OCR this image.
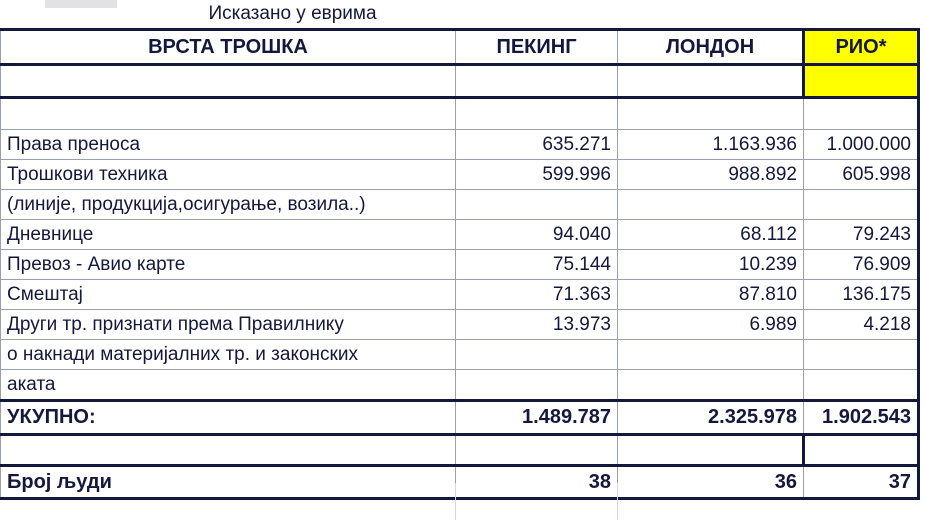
Исказано у еврима
ВРСТА ТРОШКА	ПЕКИНГ	ЛОНДОН	РИО*

Права преноса	635.271	1.163.936	1.000.000
Трошкови техника	599.996	988.892	605.998
(линије, продукција,осигурање, возила..)			
Дневнице	94.040	68.112	79.243
Превоз - Авио карте	75.144	10.239	76.909
Смештај	71.363	87.810	136.175
Други тр. признати према Правилнику	13.973	6.989	4.218
о накнади материјалних тр. и законских			
аката			
УКУПНО:	1.489.787	2.325.978	1.902.543

Број људи	38	36	37
